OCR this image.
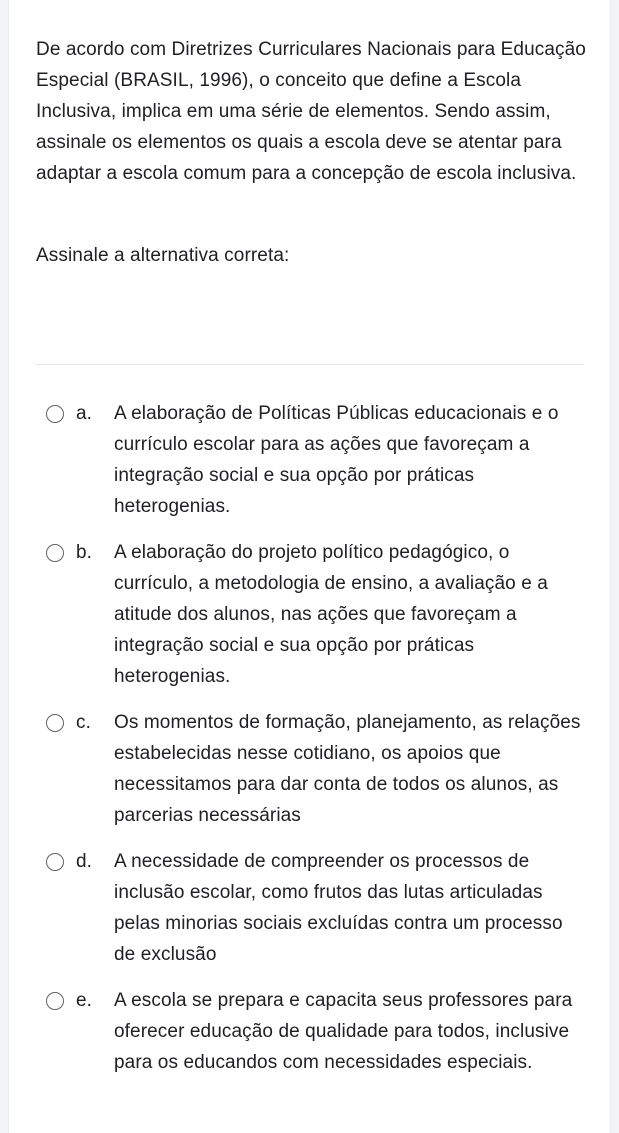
De acordo com Diretrizes Curriculares Nacionais para Educação Especial (BRASIL, 1996), o conceito que define a Escola Inclusiva, implica em uma série de elementos. Sendo assim, assinale os elementos os quais a escola deve se atentar para adaptar a escola comum para a concepção de escola inclusiva.

Assinale a alternativa correta:

a.	A elaboração de Políticas Públicas educacionais e o currículo escolar para as ações que favoreçam a integração social e sua opção por práticas heterogenias.
b.	A elaboração do projeto político pedagógico, o currículo, a metodologia de ensino, a avaliação e a atitude dos alunos, nas ações que favoreçam a integração social e sua opção por práticas heterogenias.
c.	Os momentos de formação, planejamento, as relações estabelecidas nesse cotidiano, os apoios que necessitamos para dar conta de todos os alunos, as parcerias necessárias
d.	A necessidade de compreender os processos de inclusão escolar, como frutos das lutas articuladas pelas minorias sociais excluídas contra um processo de exclusão
e.	A escola se prepara e capacita seus professores para oferecer educação de qualidade para todos, inclusive para os educandos com necessidades especiais.
